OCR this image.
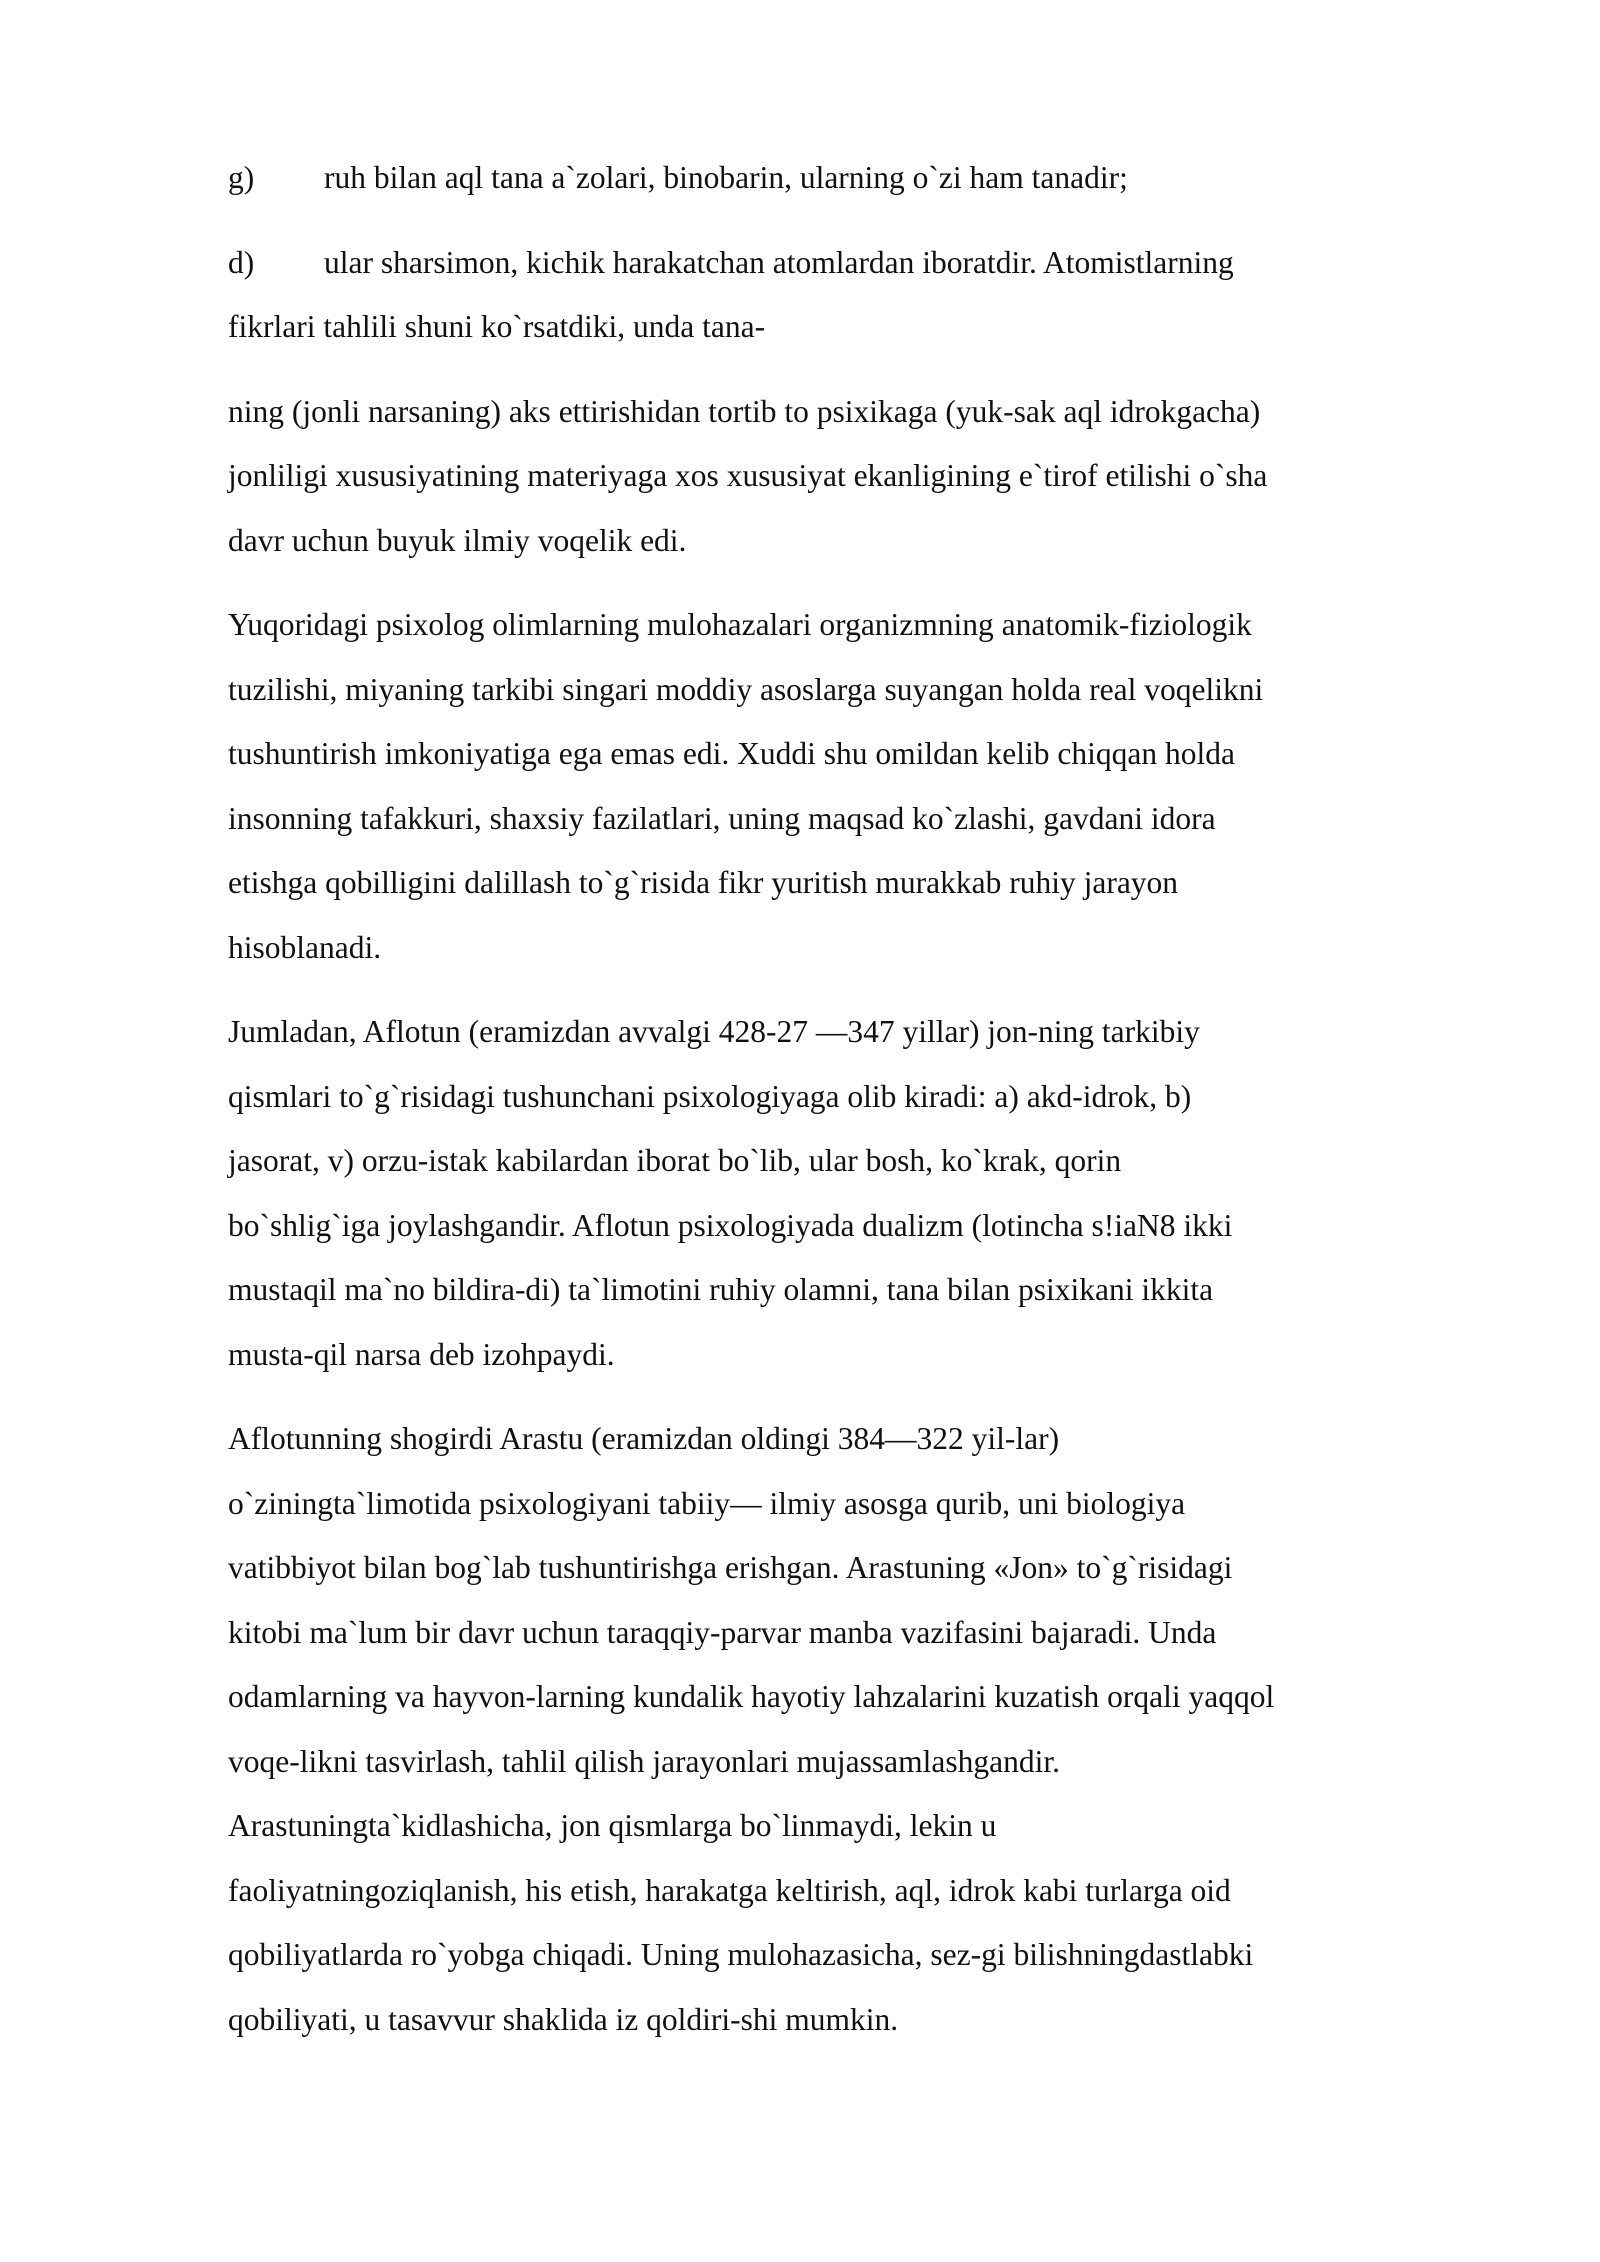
g) ruh bilan aql tana a`zolari, binobarin, ularning o`zi ham tanadir;
d) ular sharsimon, kichik harakatchan atomlardan iboratdir. Atomistlarning
fikrlari tahlili shuni ko`rsatdiki, unda tana-
ning (jonli narsaning) aks ettirishidan tortib to psixikaga (yuk-sak aql idrokgacha)
jonliligi xususiyatining materiyaga xos xususiyat ekanligining e`tirof etilishi o`sha
davr uchun buyuk ilmiy voqelik edi.
Yuqoridagi psixolog olimlarning mulohazalari organizmning anatomik-fiziologik
tuzilishi, miyaning tarkibi singari moddiy asoslarga suyangan holda real voqelikni
tushuntirish imkoniyatiga ega emas edi. Xuddi shu omildan kelib chiqqan holda
insonning tafakkuri, shaxsiy fazilatlari, uning maqsad ko`zlashi, gavdani idora
etishga qobilligini dalillash to`g`risida fikr yuritish murakkab ruhiy jarayon
hisoblanadi.
Jumladan, Aflotun (eramizdan avvalgi 428-27 —347 yillar) jon-ning tarkibiy
qismlari to`g`risidagi tushunchani psixologiyaga olib kiradi: a) akd-idrok, b)
jasorat, v) orzu-istak kabilardan iborat bo`lib, ular bosh, ko`krak, qorin
bo`shlig`iga joylashgandir. Aflotun psixologiyada dualizm (lotincha s!iaN8 ikki
mustaqil ma`no bildira-di) ta`limotini ruhiy olamni, tana bilan psixikani ikkita
musta-qil narsa deb izohpaydi.
Aflotunning shogirdi Arastu (eramizdan oldingi 384—322 yil-lar)
o`ziningta`limotida psixologiyani tabiiy— ilmiy asosga qurib, uni biologiya
vatibbiyot bilan bog`lab tushuntirishga erishgan. Arastuning «Jon» to`g`risidagi
kitobi ma`lum bir davr uchun taraqqiy-parvar manba vazifasini bajaradi. Unda
odamlarning va hayvon-larning kundalik hayotiy lahzalarini kuzatish orqali yaqqol
voqe-likni tasvirlash, tahlil qilish jarayonlari mujassamlashgandir.
Arastuningta`kidlashicha, jon qismlarga bo`linmaydi, lekin u
faoliyatningoziqlanish, his etish, harakatga keltirish, aql, idrok kabi turlarga oid
qobiliyatlarda ro`yobga chiqadi. Uning mulohazasicha, sez-gi bilishningdastlabki
qobiliyati, u tasavvur shaklida iz qoldiri-shi mumkin.
